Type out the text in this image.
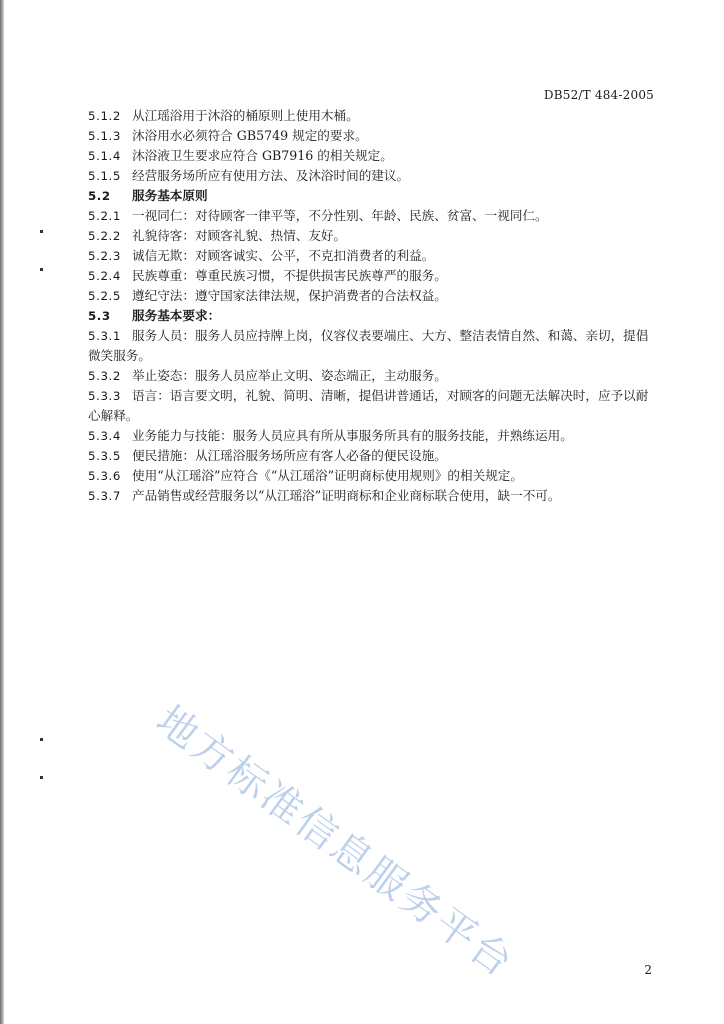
DB52/T 484-2005
5.1.2 从江瑶浴用于沐浴的桶原则上使用木桶。
5.1.3 沐浴用水必须符合 GB5749 规定的要求。
5.1.4 沐浴液卫生要求应符合 GB7916 的相关规定。
5.1.5 经营服务场所应有使用方法、及沐浴时间的建议。
5.2 服务基本原则
5.2.1 一视同仁：对待顾客一律平等，不分性别、年龄、民族、贫富、一视同仁。
5.2.2 礼貌待客：对顾客礼貌、热情、友好。
5.2.3 诚信无欺：对顾客诚实、公平，不克扣消费者的利益。
5.2.4 民族尊重：尊重民族习惯，不提供损害民族尊严的服务。
5.2.5 遵纪守法：遵守国家法律法规，保护消费者的合法权益。
5.3 服务基本要求：
5.3.1 服务人员：服务人员应持牌上岗，仪容仪表要端庄、大方、整洁表情自然、和蔼、亲切，提倡微笑服务。
5.3.2 举止姿态：服务人员应举止文明、姿态端正，主动服务。
5.3.3 语言：语言要文明，礼貌、简明、清晰，提倡讲普通话，对顾客的问题无法解决时，应予以耐心解释。
5.3.4 业务能力与技能：服务人员应具有所从事服务所具有的服务技能，并熟练运用。
5.3.5 便民措施：从江瑶浴服务场所应有客人必备的便民设施。
5.3.6 使用“从江瑶浴”应符合《“从江瑶浴”证明商标使用规则》的相关规定。
5.3.7 产品销售或经营服务以“从江瑶浴”证明商标和企业商标联合使用，缺一不可。
地方标准信息服务平台	2
